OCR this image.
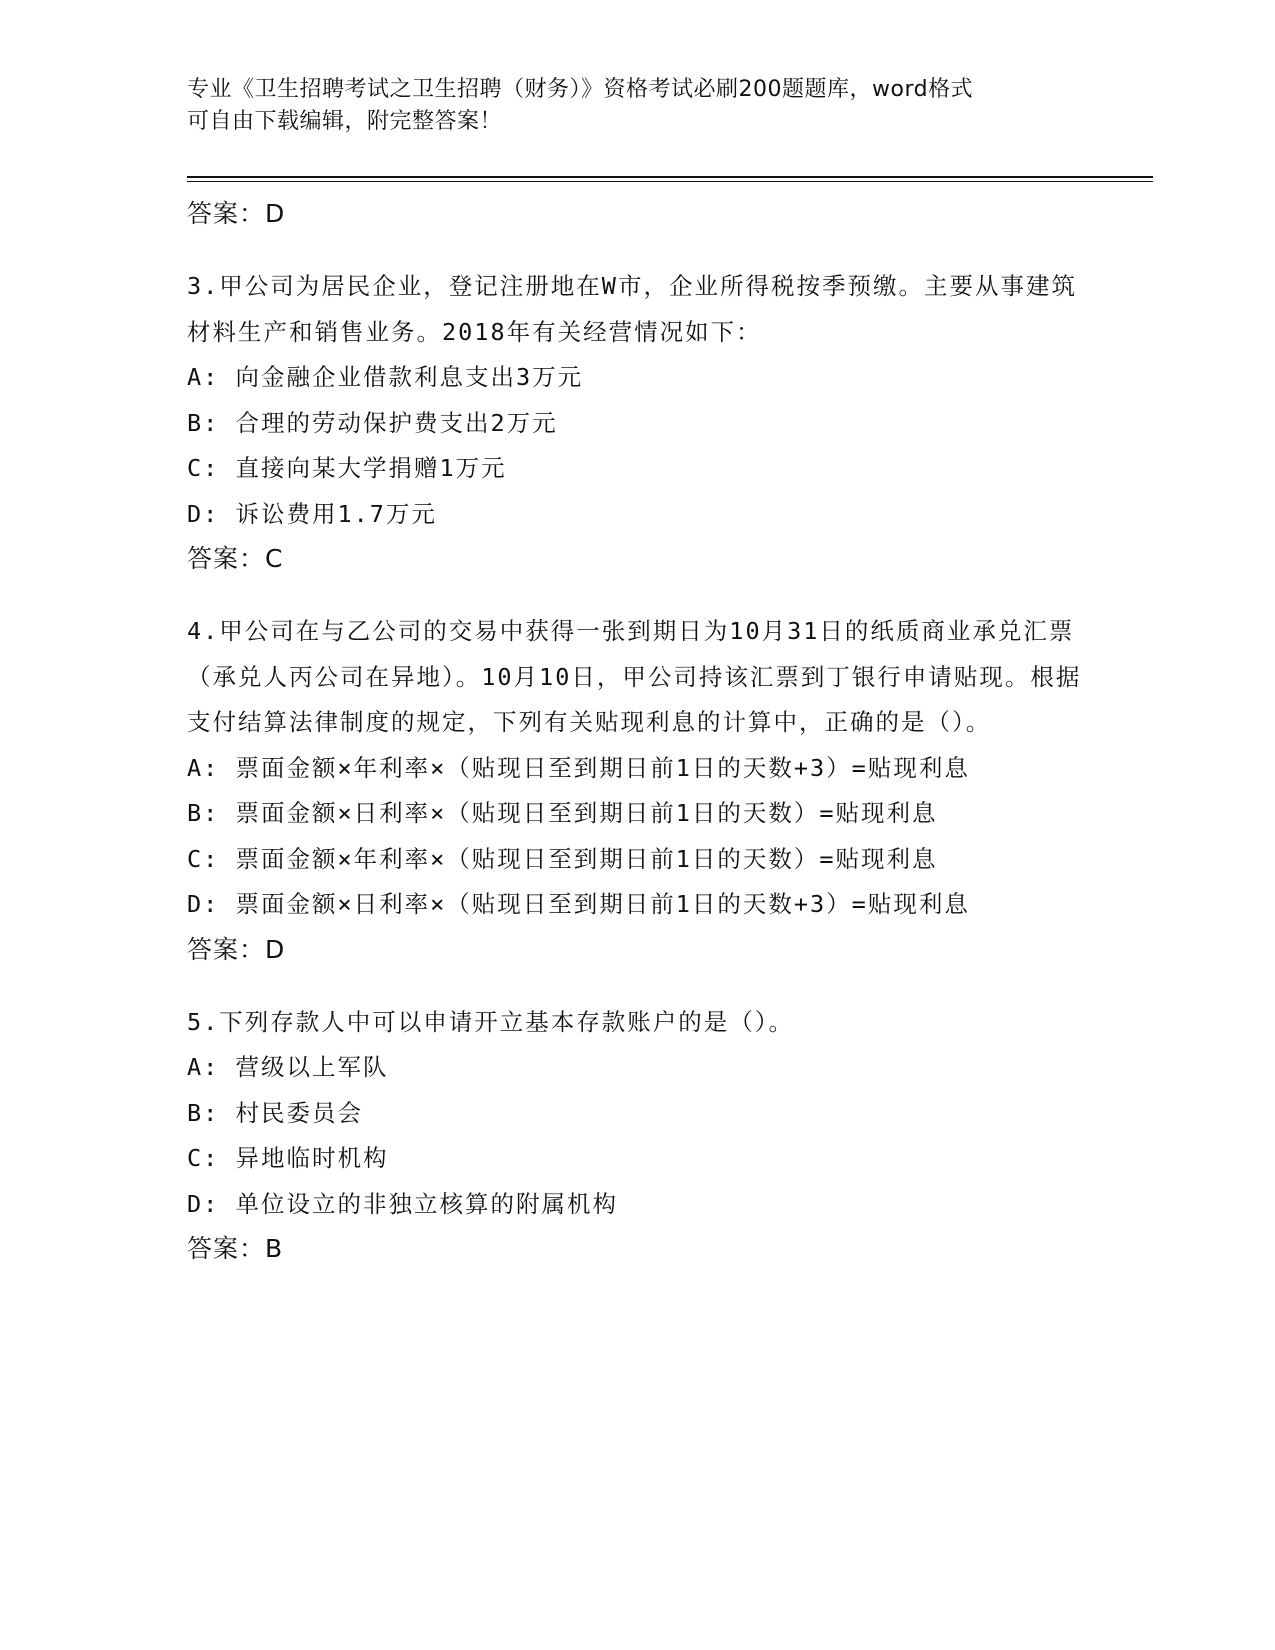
专业《卫生招聘考试之卫生招聘（财务）》资格考试必刷200题题库，word格式
可自由下载编辑，附完整答案！
答案：D
3.甲公司为居民企业，登记注册地在W市，企业所得税按季预缴。主要从事建筑材料生产和销售业务。2018年有关经营情况如下：
A: 向金融企业借款利息支出3万元
B: 合理的劳动保护费支出2万元
C: 直接向某大学捐赠1万元
D: 诉讼费用1.7万元
答案：C
4.甲公司在与乙公司的交易中获得一张到期日为10月31日的纸质商业承兑汇票（承兑人丙公司在异地）。10月10日，甲公司持该汇票到丁银行申请贴现。根据支付结算法律制度的规定，下列有关贴现利息的计算中，正确的是（）。
A: 票面金额×年利率×（贴现日至到期日前1日的天数+3）=贴现利息
B: 票面金额×日利率×（贴现日至到期日前1日的天数）=贴现利息
C: 票面金额×年利率×（贴现日至到期日前1日的天数）=贴现利息
D: 票面金额×日利率×（贴现日至到期日前1日的天数+3）=贴现利息
答案：D
5.下列存款人中可以申请开立基本存款账户的是（）。
A: 营级以上军队
B: 村民委员会
C: 异地临时机构
D: 单位设立的非独立核算的附属机构
答案：B
